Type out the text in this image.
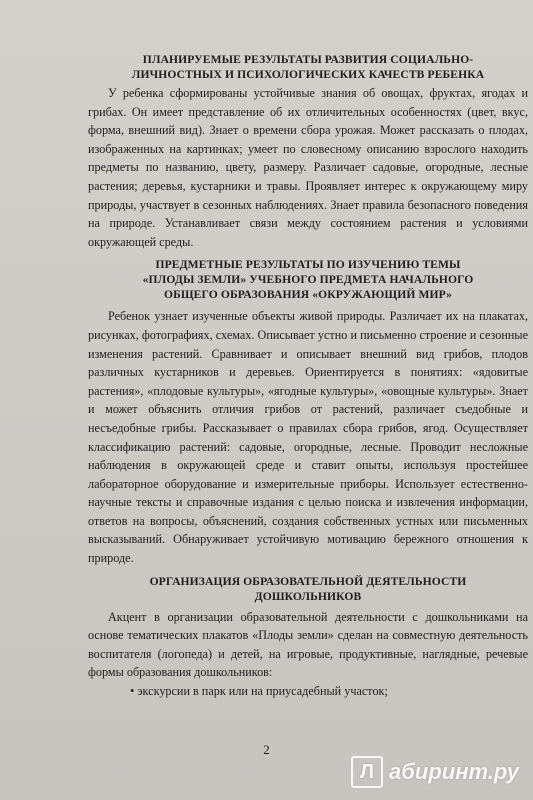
ПЛАНИРУЕМЫЕ РЕЗУЛЬТАТЫ РАЗВИТИЯ СОЦИАЛЬНО-
ЛИЧНОСТНЫХ И ПСИХОЛОГИЧЕСКИХ КАЧЕСТВ РЕБЕНКА

У ребенка сформированы устойчивые знания об овощах, фруктах, ягодах и грибах. Он имеет представление об их отличительных особенностях (цвет, вкус, форма, внешний вид). Знает о времени сбора урожая. Может рассказать о плодах, изображенных на картинках; умеет по словесному описанию взрослого находить предметы по названию, цвету, размеру. Различает садовые, огородные, лесные растения; деревья, кустарники и травы. Проявляет интерес к окружающему миру природы, участвует в сезонных наблюдениях. Знает правила безопасного поведения на природе. Устанавливает связи между состоянием растения и условиями окружающей среды.

ПРЕДМЕТНЫЕ РЕЗУЛЬТАТЫ ПО ИЗУЧЕНИЮ ТЕМЫ
«ПЛОДЫ ЗЕМЛИ» УЧЕБНОГО ПРЕДМЕТА НАЧАЛЬНОГО
ОБЩЕГО ОБРАЗОВАНИЯ «ОКРУЖАЮЩИЙ МИР»

Ребенок узнает изученные объекты живой природы. Различает их на плакатах, рисунках, фотографиях, схемах. Описывает устно и письменно строение и сезонные изменения растений. Сравнивает и описывает внешний вид грибов, плодов различных кустарников и деревьев. Ориентируется в понятиях: «ядовитые растения», «плодовые культуры», «ягодные культуры», «овощные культуры». Знает и может объяснить отличия грибов от растений, различает съедобные и несъедобные грибы. Рассказывает о правилах сбора грибов, ягод. Осуществляет классификацию растений: садовые, огородные, лесные. Проводит несложные наблюдения в окружающей среде и ставит опыты, используя простейшее лабораторное оборудование и измерительные приборы. Использует естественно-научные тексты и справочные издания с целью поиска и извлечения информации, ответов на вопросы, объяснений, создания собственных устных или письменных высказываний. Обнаруживает устойчивую мотивацию бережного отношения к природе.

ОРГАНИЗАЦИЯ ОБРАЗОВАТЕЛЬНОЙ ДЕЯТЕЛЬНОСТИ
ДОШКОЛЬНИКОВ

Акцент в организации образовательной деятельности с дошкольниками на основе тематических плакатов «Плоды земли» сделан на совместную деятельность воспитателя (логопеда) и детей, на игровые, продуктивные, наглядные, речевые формы образования дошкольников:

• экскурсии в парк или на приусадебный участок;

2
Л абиринт.ру
